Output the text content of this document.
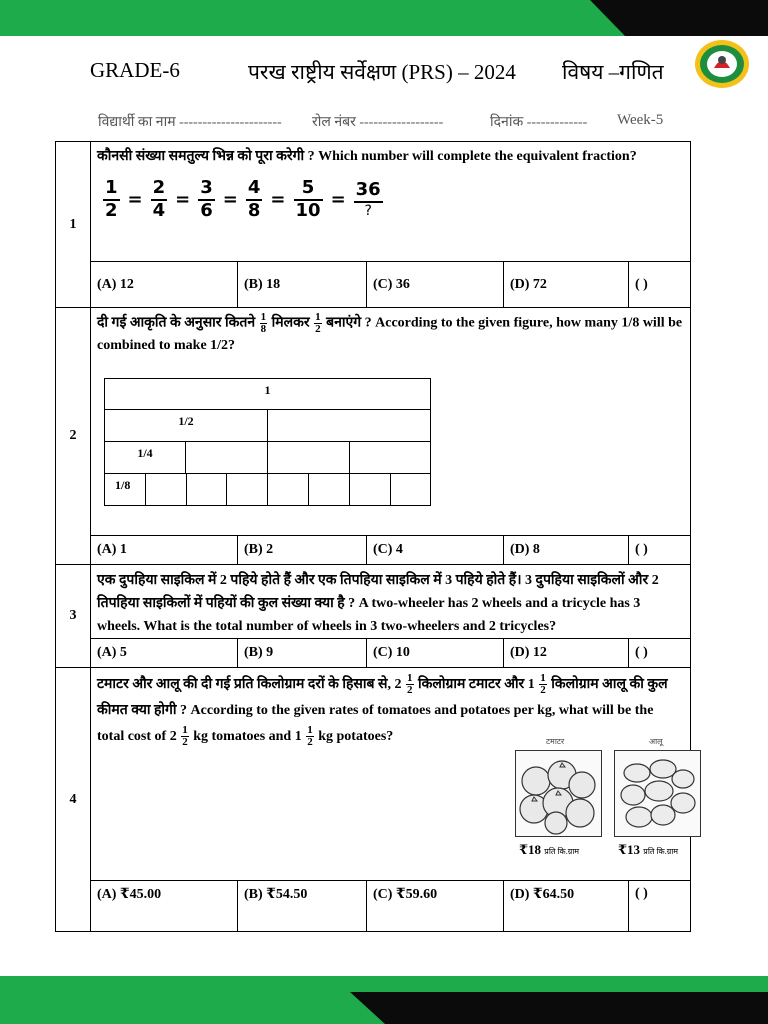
GRADE-6	परख राष्ट्रीय सर्वेक्षण (PRS) – 2024 विषय –गणित
विद्यार्थी का नाम ---------------------- रोल नंबर ------------------	दिनांक ------------- Week-5
1	
कौनसी संख्या समतुल्य भिन्न को पूरा करेगी ? Which number will complete the equivalent fraction?
$\frac{1}{2} = \frac{2}{4} = \frac{3}{6} = \frac{4}{8} = \frac{5}{10} = 36$
?

(A) 12	(B) 18	(C) 36	(D) 72	( )

2	
दी गई आकृति के अनुसार कितने $\frac{1}{8}$ मिलकर $\frac{1}{2}$ बनाएंगे ? According to the given figure, how many 1/8 will be combined to make 1/2?
1
1/2
1/4
1/8

(A) 1	(B) 2	(C) 4	(D) 8	( )

3	
एक दुपहिया साइकिल में 2 पहिये होते हैं और एक तिपहिया साइकिल में 3 पहिये होते हैं। 3 दुपहिया साइकिलों और 2 तिपहिया साइकिलों में पहियों की कुल संख्या क्या है ? A two-wheeler has 2 wheels and a tricycle has 3 wheels. What is the total number of wheels in 3 two-wheelers and 2 tricycles?

(A) 5	(B) 9	(C) 10	(D) 12	( )

4	
टमाटर और आलू की दी गई प्रति किलोग्राम दरों के हिसाब से, $2 \frac{1}{2}$ किलोग्राम टमाटर और $1 \frac{1}{2}$ किलोग्राम आलू की कुल कीमत क्या होगी ? According to the given rates of tomatoes and potatoes per kg, what will be the total cost of $2 \frac{1}{2}$ kg tomatoes and $1 \frac{1}{2}$ kg potatoes?	टमाटर	आलू
₹18 प्रति कि.ग्राम	₹13 प्रति कि.ग्राम

(A) ₹45.00	(B) ₹54.50	(C) ₹59.60	(D) ₹64.50	( )
